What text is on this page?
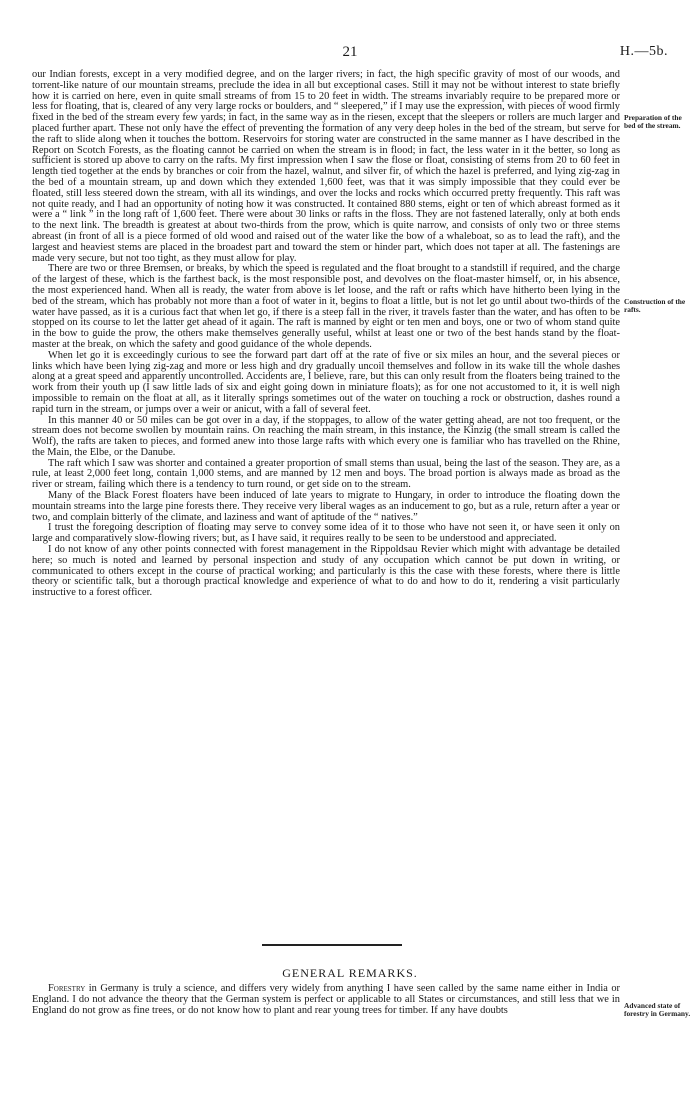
21	H.—5b.

our Indian forests, except in a very modified degree, and on the larger rivers; in fact, the high specific gravity of most of our woods, and torrent-like nature of our mountain streams, preclude the idea in all but exceptional cases. Still it may not be without interest to state briefly how it is carried on here, even in quite small streams of from 15 to 20 feet in width. The streams invariably require to be prepared more or less for floating, that is, cleared of any very large rocks or boulders, and “ sleepered,” if I may use the expression, with pieces of wood firmly fixed in the bed of the stream every few yards; in fact, in the same way as in the riesen, except that the sleepers or rollers are much larger and placed further apart. These not only have the effect of preventing the formation of any very deep holes in the bed of the stream, but serve for the raft to slide along when it touches the bottom. Reservoirs for storing water are constructed in the same manner as I have described in the Report on Scotch Forests, as the floating cannot be carried on when the stream is in flood; in fact, the less water in it the better, so long as sufficient is stored up above to carry on the rafts. My first impression when I saw the flose or float, consisting of stems from 20 to 60 feet in length tied together at the ends by branches or coir from the hazel, walnut, and silver fir, of which the hazel is preferred, and lying zig-zag in the bed of a mountain stream, up and down which they extended 1,600 feet, was that it was simply impossible that they could ever be floated, still less steered down the stream, with all its windings, and over the locks and rocks which occurred pretty frequently. This raft was not quite ready, and I had an opportunity of noting how it was constructed. It contained 880 stems, eight or ten of which abreast formed as it were a “ link ” in the long raft of 1,600 feet. There were about 30 links or rafts in the floss. They are not fastened laterally, only at both ends to the next link. The breadth is greatest at about two-thirds from the prow, which is quite narrow, and consists of only two or three stems abreast (in front of all is a piece formed of old wood and raised out of the water like the bow of a whaleboat, so as to lead the raft), and the largest and heaviest stems are placed in the broadest part and toward the stem or hinder part, which does not taper at all. The fastenings are made very secure, but not too tight, as they must allow for play.

There are two or three Bremsen, or breaks, by which the speed is regulated and the float brought to a standstill if required, and the charge of the largest of these, which is the farthest back, is the most responsible post, and devolves on the float-master himself, or, in his absence, the most experienced hand. When all is ready, the water from above is let loose, and the raft or rafts which have hitherto been lying in the bed of the stream, which has probably not more than a foot of water in it, begins to float a little, but is not let go until about two-thirds of the water have passed, as it is a curious fact that when let go, if there is a steep fall in the river, it travels faster than the water, and has often to be stopped on its course to let the latter get ahead of it again. The raft is manned by eight or ten men and boys, one or two of whom stand quite in the bow to guide the prow, the others make themselves generally useful, whilst at least one or two of the best hands stand by the float-master at the break, on which the safety and good guidance of the whole depends.

When let go it is exceedingly curious to see the forward part dart off at the rate of five or six miles an hour, and the several pieces or links which have been lying zig-zag and more or less high and dry gradually uncoil themselves and follow in its wake till the whole dashes along at a great speed and apparently uncontrolled. Accidents are, I believe, rare, but this can only result from the floaters being trained to the work from their youth up (I saw little lads of six and eight going down in miniature floats); as for one not accustomed to it, it is well nigh impossible to remain on the float at all, as it literally springs sometimes out of the water on touching a rock or obstruction, dashes round a rapid turn in the stream, or jumps over a weir or anicut, with a fall of several feet.

In this manner 40 or 50 miles can be got over in a day, if the stoppages, to allow of the water getting ahead, are not too frequent, or the stream does not become swollen by mountain rains. On reaching the main stream, in this instance, the Kinzig (the small stream is called the Wolf), the rafts are taken to pieces, and formed anew into those large rafts with which every one is familiar who has travelled on the Rhine, the Main, the Elbe, or the Danube.

The raft which I saw was shorter and contained a greater proportion of small stems than usual, being the last of the season. They are, as a rule, at least 2,000 feet long, contain 1,000 stems, and are manned by 12 men and boys. The broad portion is always made as broad as the river or stream, failing which there is a tendency to turn round, or get side on to the stream.

Many of the Black Forest floaters have been induced of late years to migrate to Hungary, in order to introduce the floating down the mountain streams into the large pine forests there. They receive very liberal wages as an inducement to go, but as a rule, return after a year or two, and complain bitterly of the climate, and laziness and want of aptitude of the “ natives.”

I trust the foregoing description of floating may serve to convey some idea of it to those who have not seen it, or have seen it only on large and comparatively slow-flowing rivers; but, as I have said, it requires really to be seen to be understood and appreciated.

I do not know of any other points connected with forest management in the Rippoldsau Revier which might with advantage be detailed here; so much is noted and learned by personal inspection and study of any occupation which cannot be put down in writing, or communicated to others except in the course of practical working; and particularly is this the case with these forests, where there is little theory or scientific talk, but a thorough practical knowledge and experience of what to do and how to do it, rendering a visit particularly instructive to a forest officer.

Preparation of the bed of the stream.
Construction of the rafts.
Advanced state of forestry in Germany.
GENERAL REMARKS.

Forestry in Germany is truly a science, and differs very widely from anything I have seen called by the same name either in India or England. I do not advance the theory that the German system is perfect or applicable to all States or circumstances, and still less that we in England do not grow as fine trees, or do not know how to plant and rear young trees for timber. If any have doubts
